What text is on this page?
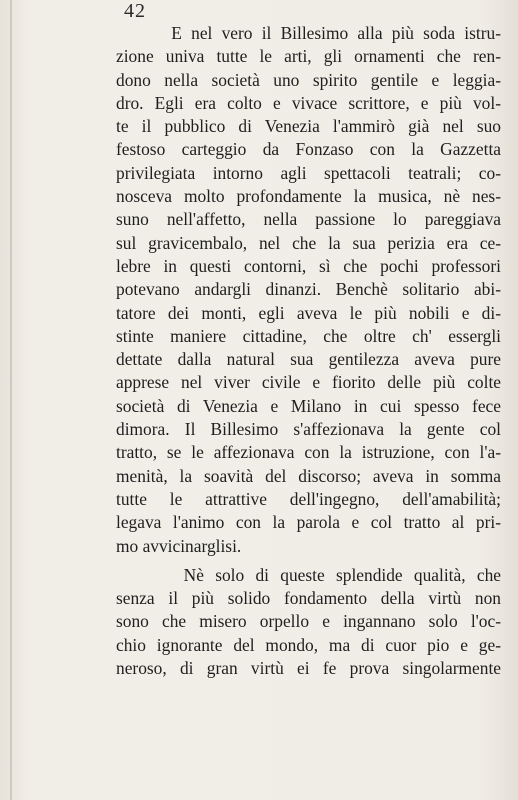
42
E nel vero il Billesimo alla più soda istru-
zione univa tutte le arti, gli ornamenti che ren-
dono nella società uno spirito gentile e leggia-
dro. Egli era colto e vivace scrittore, e più vol-
te il pubblico di Venezia l'ammirò già nel suo
festoso carteggio da Fonzaso con la Gazzetta
privilegiata intorno agli spettacoli teatrali; co-
nosceva molto profondamente la musica, nè nes-
suno nell'affetto, nella passione lo pareggiava
sul gravicembalo, nel che la sua perizia era ce-
lebre in questi contorni, sì che pochi professori
potevano andargli dinanzi. Benchè solitario abi-
tatore dei monti, egli aveva le più nobili e di-
stinte maniere cittadine, che oltre ch' essergli
dettate dalla natural sua gentilezza aveva pure
apprese nel viver civile e fiorito delle più colte
società di Venezia e Milano in cui spesso fece
dimora. Il Billesimo s'affezionava la gente col
tratto, se le affezionava con la istruzione, con l'a-
menità, la soavità del discorso; aveva in somma
tutte le attrattive dell'ingegno, dell'amabilità;
legava l'animo con la parola e col tratto al pri-
mo avvicinarglisi.
Nè solo di queste splendide qualità, che
senza il più solido fondamento della virtù non
sono che misero orpello e ingannano solo l'oc-
chio ignorante del mondo, ma di cuor pio e ge-
neroso, di gran virtù ei fe prova singolarmente
